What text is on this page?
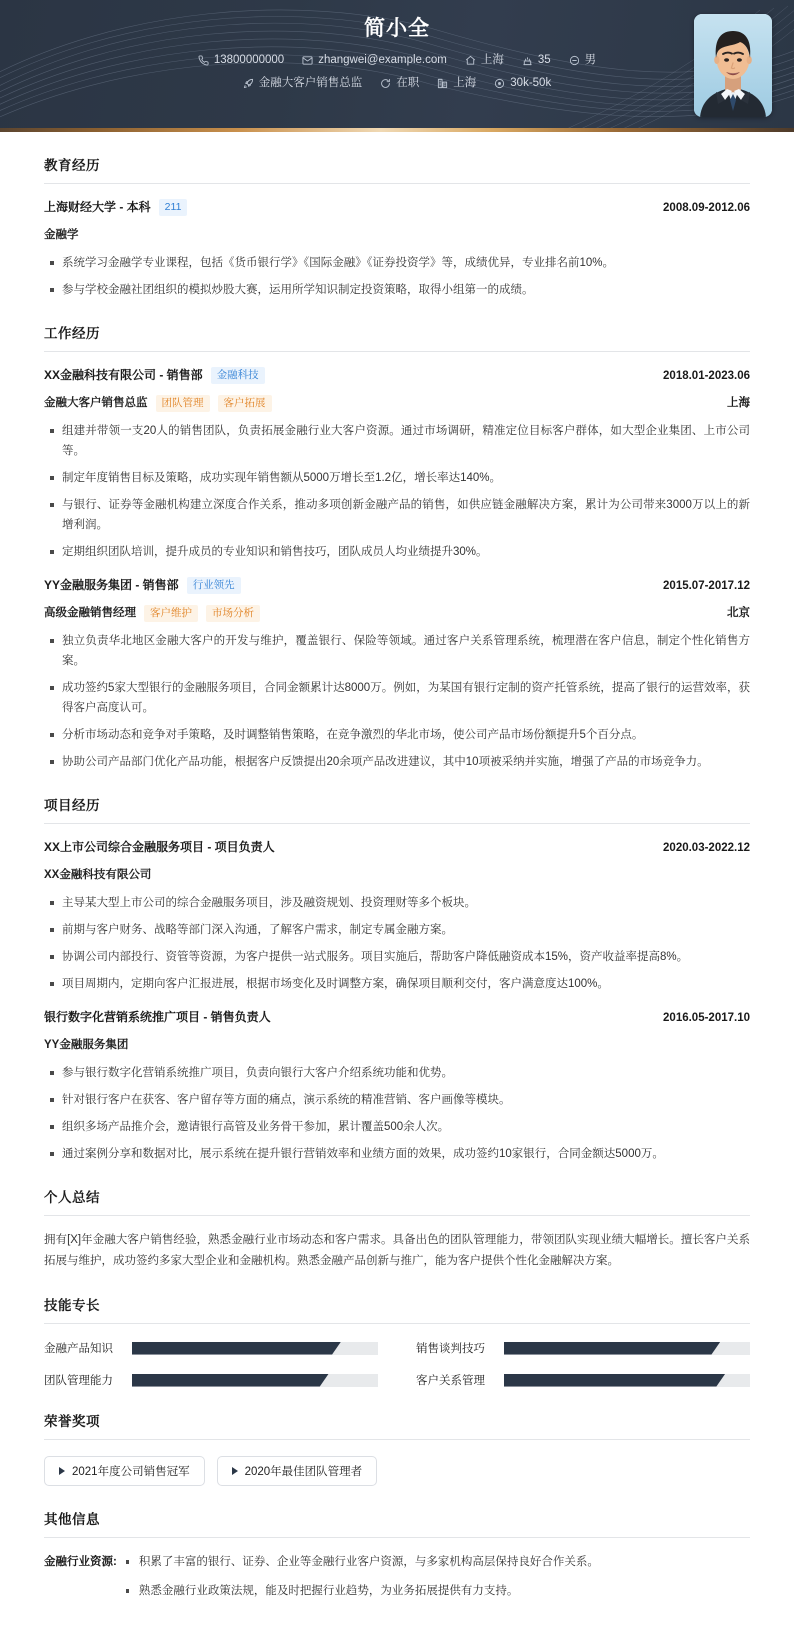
简小全
13800000000	zhangwei@example.com	上海	35	男
金融大客户销售总监	在职	上海	30k-50k
教育经历
上海财经大学 - 本科	211	2008.09-2012.06
金融学
系统学习金融学专业课程，包括《货币银行学》《国际金融》《证券投资学》等，成绩优异，专业排名前10%。
参与学校金融社团组织的模拟炒股大赛，运用所学知识制定投资策略，取得小组第一的成绩。
工作经历
XX金融科技有限公司 - 销售部	金融科技	2018.01-2023.06
金融大客户销售总监	团队管理	客户拓展	上海
组建并带领一支20人的销售团队，负责拓展金融行业大客户资源。通过市场调研，精准定位目标客户群体，如大型企业集团、上市公司等。
制定年度销售目标及策略，成功实现年销售额从5000万增长至1.2亿，增长率达140%。
与银行、证券等金融机构建立深度合作关系，推动多项创新金融产品的销售，如供应链金融解决方案，累计为公司带来3000万以上的新增利润。
定期组织团队培训，提升成员的专业知识和销售技巧，团队成员人均业绩提升30%。
YY金融服务集团 - 销售部	行业领先	2015.07-2017.12
高级金融销售经理	客户维护	市场分析	北京
独立负责华北地区金融大客户的开发与维护，覆盖银行、保险等领域。通过客户关系管理系统，梳理潜在客户信息，制定个性化销售方案。
成功签约5家大型银行的金融服务项目，合同金额累计达8000万。例如，为某国有银行定制的资产托管系统，提高了银行的运营效率，获得客户高度认可。
分析市场动态和竞争对手策略，及时调整销售策略，在竞争激烈的华北市场，使公司产品市场份额提升5个百分点。
协助公司产品部门优化产品功能，根据客户反馈提出20余项产品改进建议，其中10项被采纳并实施，增强了产品的市场竞争力。
项目经历
XX上市公司综合金融服务项目 - 项目负责人	2020.03-2022.12
XX金融科技有限公司
主导某大型上市公司的综合金融服务项目，涉及融资规划、投资理财等多个板块。
前期与客户财务、战略等部门深入沟通，了解客户需求，制定专属金融方案。
协调公司内部投行、资管等资源，为客户提供一站式服务。项目实施后，帮助客户降低融资成本15%，资产收益率提高8%。
项目周期内，定期向客户汇报进展，根据市场变化及时调整方案，确保项目顺利交付，客户满意度达100%。
银行数字化营销系统推广项目 - 销售负责人	2016.05-2017.10
YY金融服务集团
参与银行数字化营销系统推广项目，负责向银行大客户介绍系统功能和优势。
针对银行客户在获客、客户留存等方面的痛点，演示系统的精准营销、客户画像等模块。
组织多场产品推介会，邀请银行高管及业务骨干参加，累计覆盖500余人次。
通过案例分享和数据对比，展示系统在提升银行营销效率和业绩方面的效果，成功签约10家银行，合同金额达5000万。
个人总结
拥有[X]年金融大客户销售经验，熟悉金融行业市场动态和客户需求。具备出色的团队管理能力，带领团队实现业绩大幅增长。擅长客户关系拓展与维护，成功签约多家大型企业和金融机构。熟悉金融产品创新与推广，能为客户提供个性化金融解决方案。
技能专长
金融产品知识	销售谈判技巧
团队管理能力	客户关系管理
荣誉奖项
2021年度公司销售冠军	2020年最佳团队管理者
其他信息
金融行业资源:	积累了丰富的银行、证券、企业等金融行业客户资源，与多家机构高层保持良好合作关系。
熟悉金融行业政策法规，能及时把握行业趋势，为业务拓展提供有力支持。
